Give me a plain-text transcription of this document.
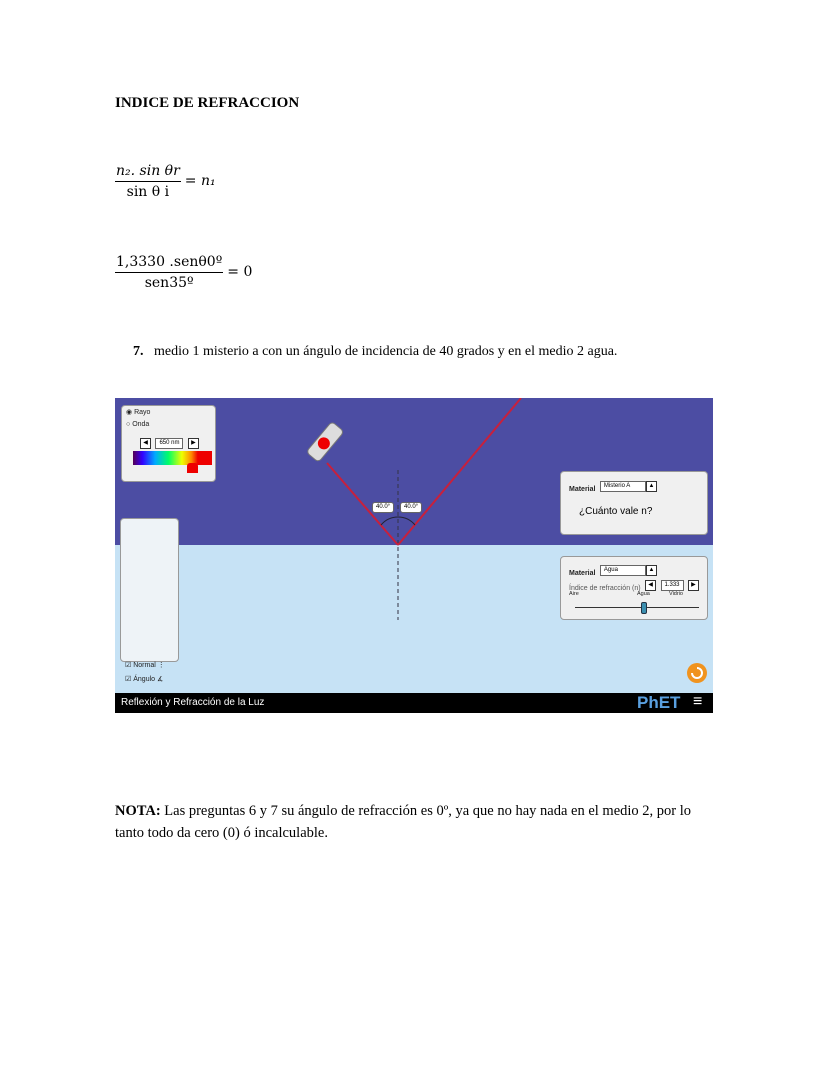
INDICE DE REFRACCION
$\frac{\text{n₂. sin θr}}{\text{sin θ i}} = n_1$
$\frac{\text{1,3330 .senθ0º}}{\text{sen35º}} = 0$
7. medio 1 misterio a con un ángulo de incidencia de 40 grados y en el medio 2 agua.
◉ Rayo
○ Onda
◀ 650 nm ▶
☑ Normal ⋮
☑ Ángulo ∡
40.0°	40.0°
Material Misterio A	▲
¿Cuánto vale n?
Material Agua	▲
Índice de refracción (n) ◀ 1.333 ▶
Aire	Agua	Vidrio
Reflexión y Refracción de la Luz	PhET ≡
NOTA: Las preguntas 6 y 7 su ángulo de refracción es 0º, ya que no hay nada en el medio 2, por lo tanto todo da cero (0) ó incalculable.
